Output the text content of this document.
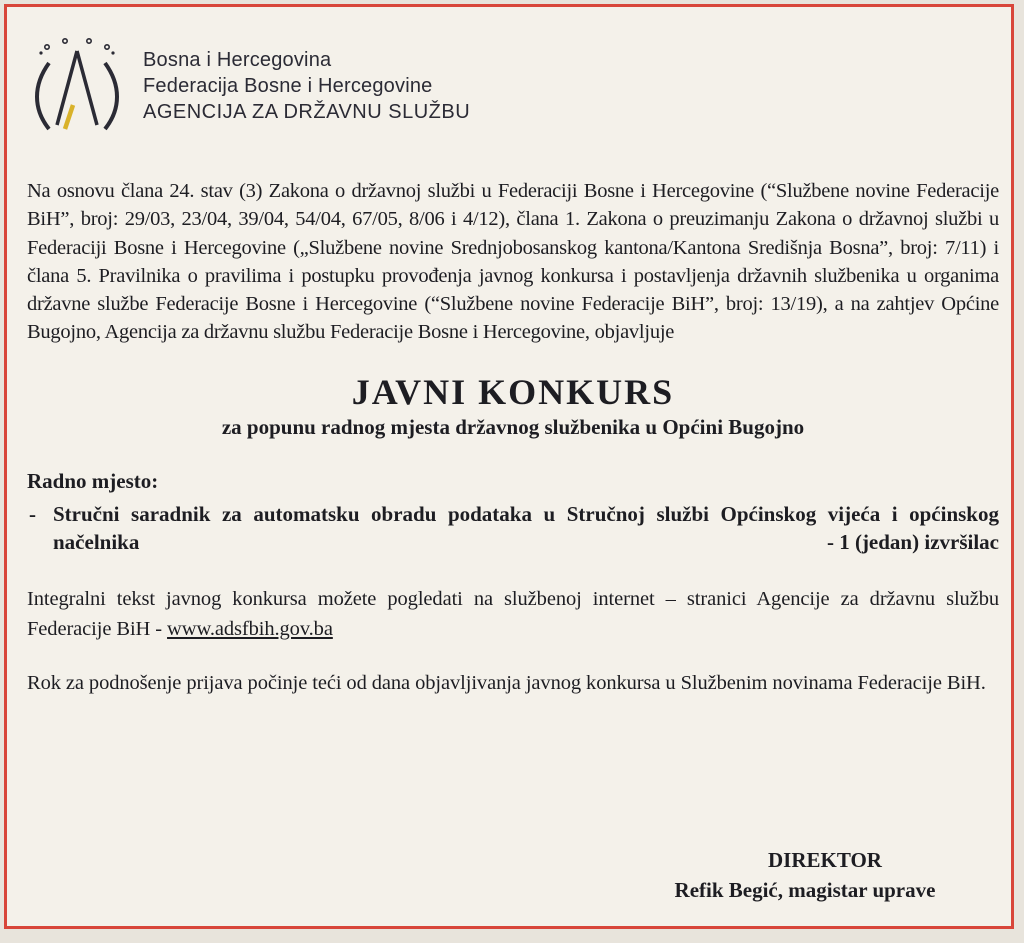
Bosna i Hercegovina
Federacija Bosne i Hercegovine
AGENCIJA ZA DRŽAVNU SLUŽBU

Na osnovu člana 24. stav (3) Zakona o državnoj službi u Federaciji Bosne i Hercegovine (“Službene novine Federacije BiH”, broj: 29/03, 23/04, 39/04, 54/04, 67/05, 8/06 i 4/12), člana 1. Zakona o preuzimanju Zakona o državnoj službi u Federaciji Bosne i Hercegovine („Službene novine Srednjobosanskog kantona/Kantona Središnja Bosna”, broj: 7/11) i člana 5. Pravilnika o pravilima i postupku provođenja javnog konkursa i postavljenja državnih službenika u organima državne službe Federacije Bosne i Hercegovine (“Službene novine Federacije BiH”, broj: 13/19), a na zahtjev Općine Bugojno, Agencija za državnu službu Federacije Bosne i Hercegovine, objavljuje

JAVNI KONKURS
za popunu radnog mjesta državnog službenika u Općini Bugojno
Radno mjesto:
- Stručni saradnik za automatsku obradu podataka u Stručnoj službi Općinskog vijeća i općinskog načelnika	- 1 (jedan) izvršilac

Integralni tekst javnog konkursa možete pogledati na službenoj internet – stranici Agencije za državnu službu Federacije BiH - www.adsfbih.gov.ba

Rok za podnošenje prijava počinje teći od dana objavljivanja javnog konkursa u Službenim novinama Federacije BiH.

DIREKTOR
Refik Begić, magistar uprave
